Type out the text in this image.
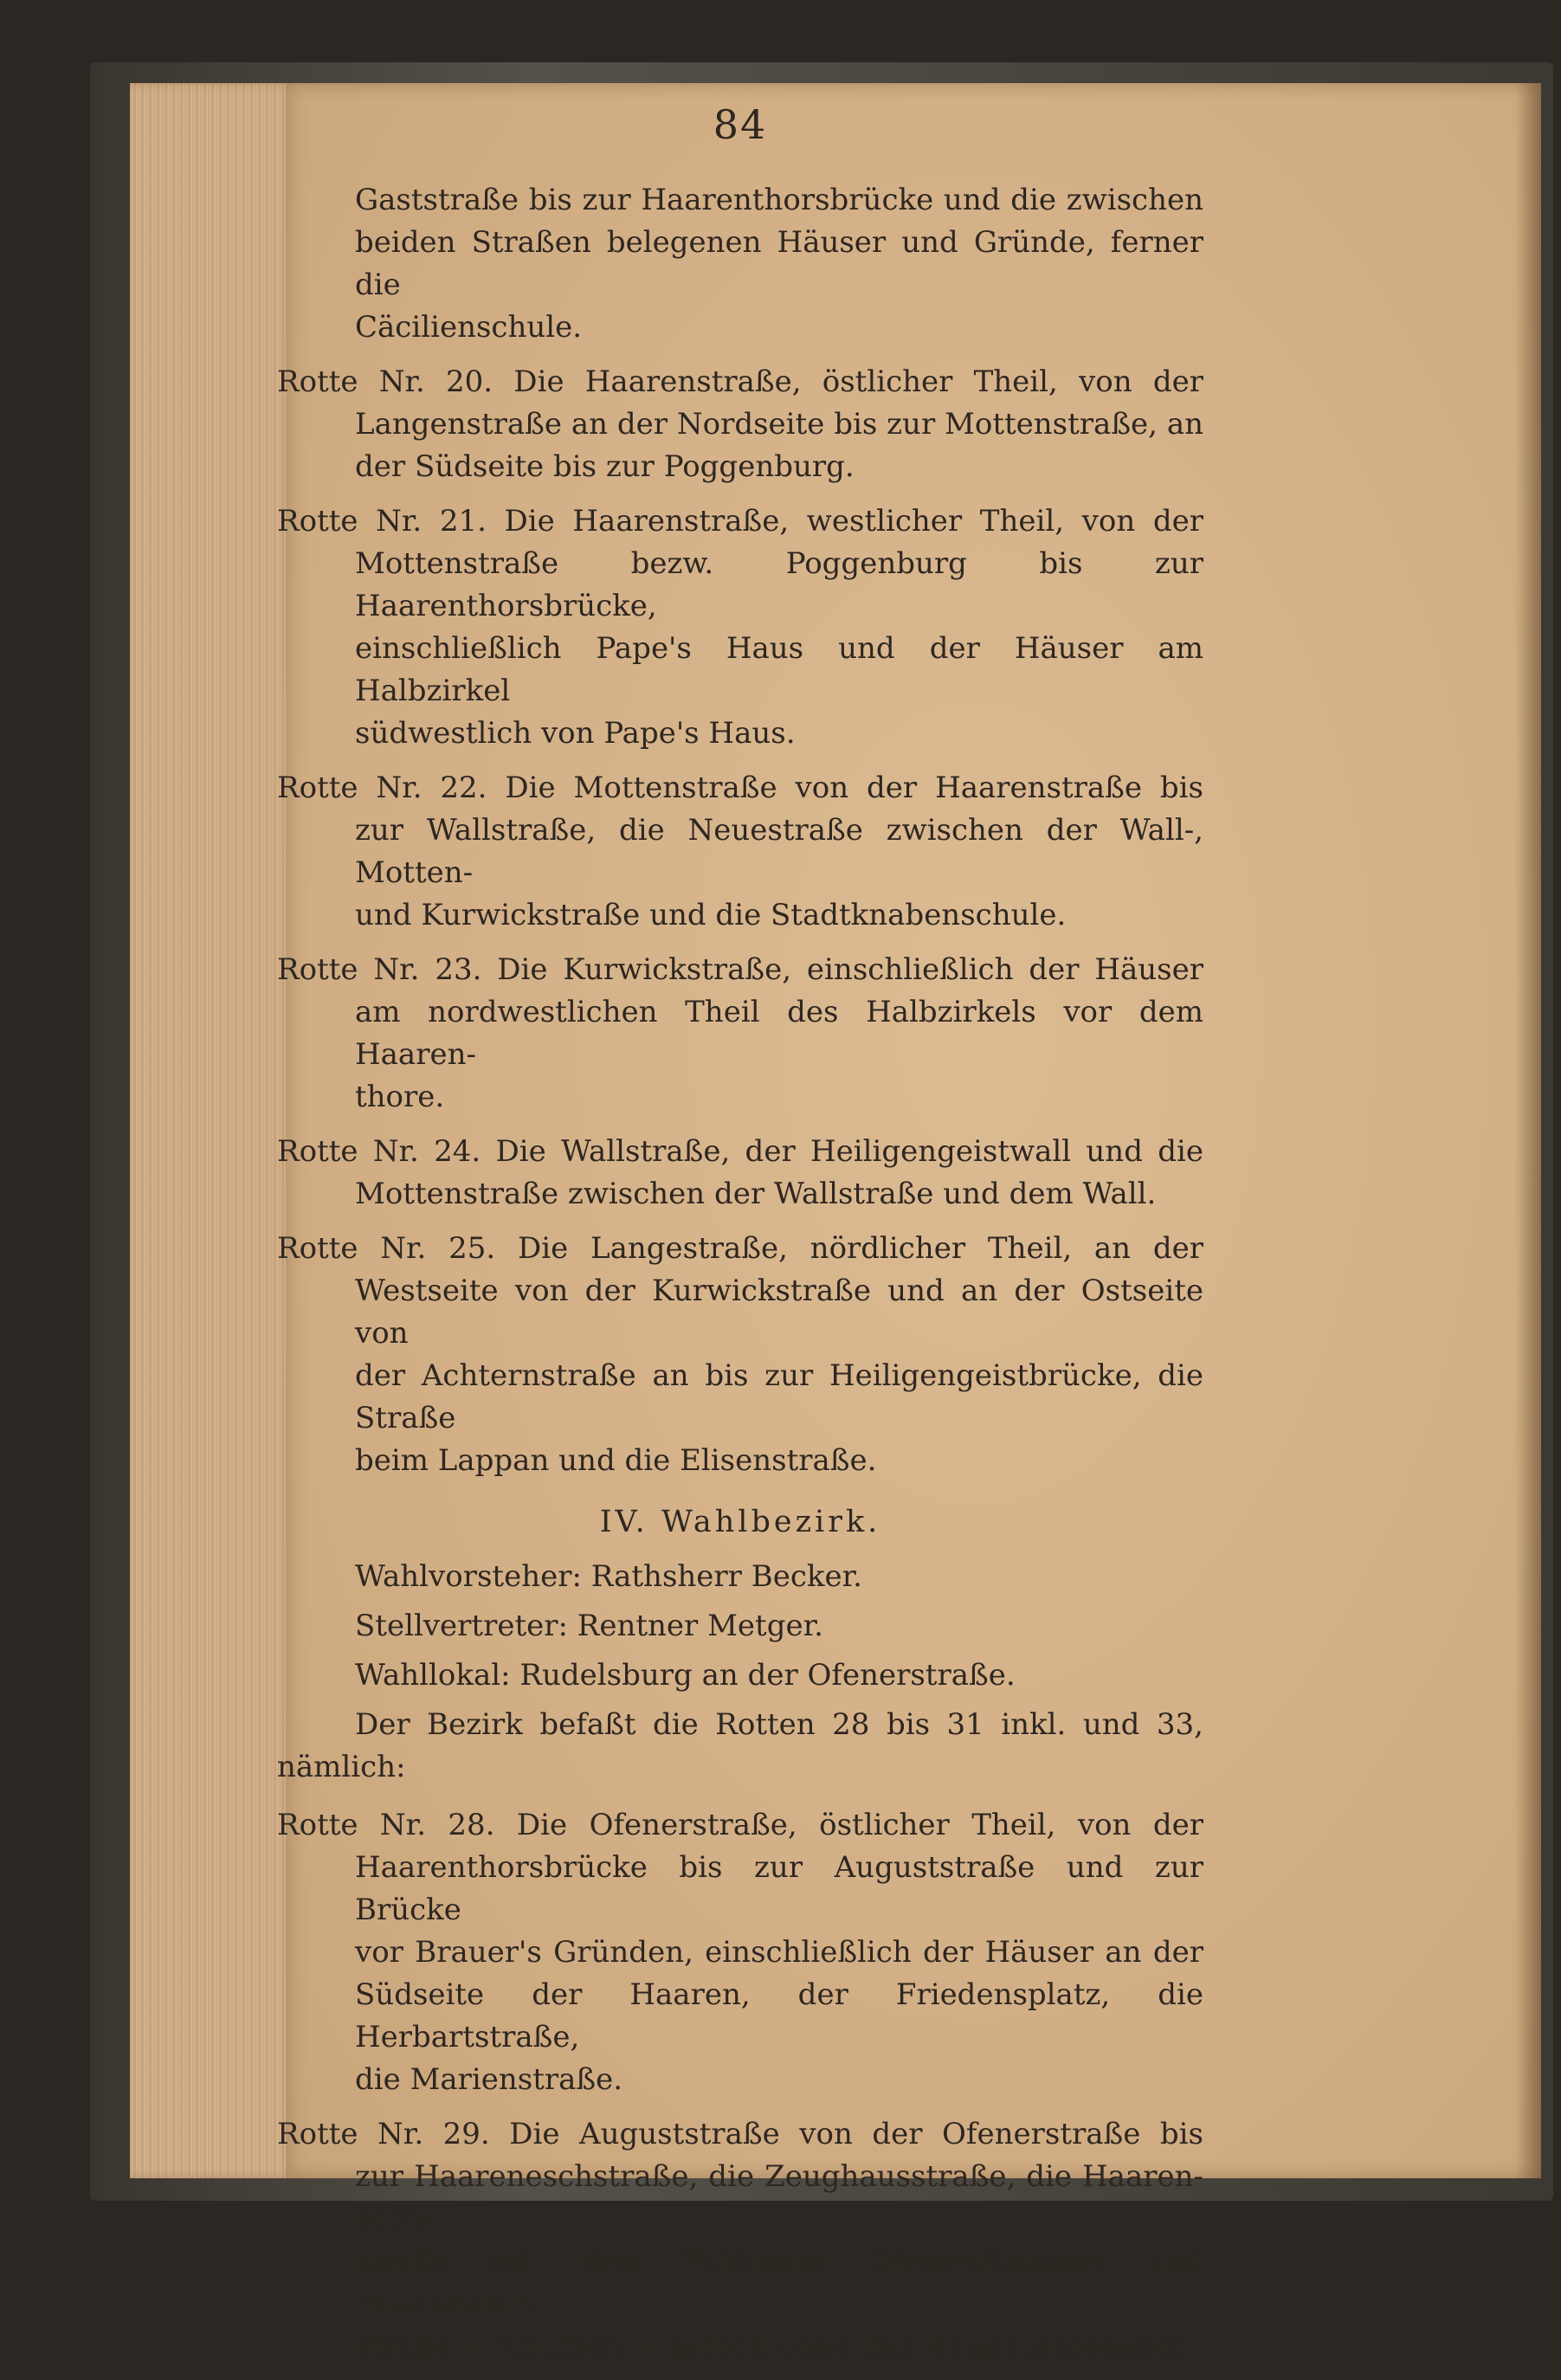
84
Gaststraße bis zur Haarenthorsbrücke und die zwischen
beiden Straßen belegenen Häuser und Gründe, ferner die
Cäcilienschule.
Rotte Nr. 20. Die Haarenstraße, östlicher Theil, von der
Langenstraße an der Nordseite bis zur Mottenstraße, an
der Südseite bis zur Poggenburg.
Rotte Nr. 21. Die Haarenstraße, westlicher Theil, von der
Mottenstraße bezw. Poggenburg bis zur Haarenthorsbrücke,
einschließlich Pape's Haus und der Häuser am Halbzirkel
südwestlich von Pape's Haus.
Rotte Nr. 22. Die Mottenstraße von der Haarenstraße bis
zur Wallstraße, die Neuestraße zwischen der Wall-, Motten-
und Kurwickstraße und die Stadtknabenschule.
Rotte Nr. 23. Die Kurwickstraße, einschließlich der Häuser
am nordwestlichen Theil des Halbzirkels vor dem Haaren-
thore.
Rotte Nr. 24. Die Wallstraße, der Heiligengeistwall und die
Mottenstraße zwischen der Wallstraße und dem Wall.
Rotte Nr. 25. Die Langestraße, nördlicher Theil, an der
Westseite von der Kurwickstraße und an der Ostseite von
der Achternstraße an bis zur Heiligengeistbrücke, die Straße
beim Lappan und die Elisenstraße.
IV. Wahlbezirk.
Wahlvorsteher: Rathsherr Becker.
Stellvertreter: Rentner Metger.
Wahllokal: Rudelsburg an der Ofenerstraße.
Der Bezirk befaßt die Rotten 28 bis 31 inkl. und 33,
nämlich:
Rotte Nr. 28. Die Ofenerstraße, östlicher Theil, von der
Haarenthorsbrücke bis zur Auguststraße und zur Brücke
vor Brauer's Gründen, einschließlich der Häuser an der
Südseite der Haaren, der Friedensplatz, die Herbartstraße,
die Marienstraße.
Rotte Nr. 29. Die Auguststraße von der Ofenerstraße bis
zur Haareneschstraße, die Zeughausstraße, die Haarenesch-
straße mit dem Eckhause Ofenerchaussee und Haarenesch-
straße — Knutzen — jedoch ohne das Haus Haarenesch-
